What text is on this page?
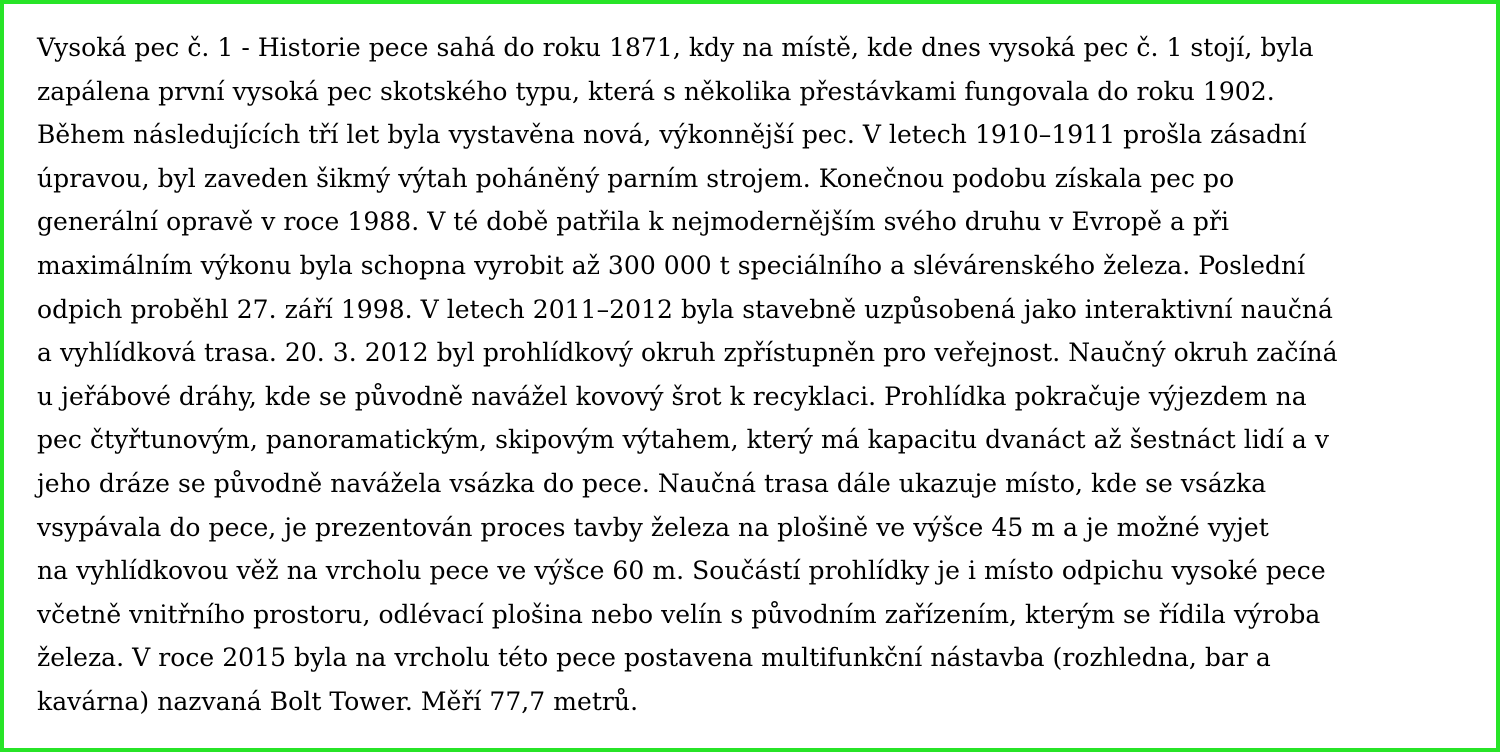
Vysoká pec č. 1 - Historie pece sahá do roku 1871, kdy na místě, kde dnes vysoká pec č. 1 stojí, byla
zapálena první vysoká pec skotského typu, která s několika přestávkami fungovala do roku 1902.
Během následujících tří let byla vystavěna nová, výkonnější pec. V letech 1910–1911 prošla zásadní
úpravou, byl zaveden šikmý výtah poháněný parním strojem. Konečnou podobu získala pec po
generální opravě v roce 1988. V té době patřila k nejmodernějším svého druhu v Evropě a při
maximálním výkonu byla schopna vyrobit až 300 000 t speciálního a slévárenského železa. Poslední
odpich proběhl 27. září 1998. V letech 2011–2012 byla stavebně uzpůsobená jako interaktivní naučná
a vyhlídková trasa. 20. 3. 2012 byl prohlídkový okruh zpřístupněn pro veřejnost. Naučný okruh začíná
u jeřábové dráhy, kde se původně navážel kovový šrot k recyklaci. Prohlídka pokračuje výjezdem na
pec čtyřtunovým, panoramatickým, skipovým výtahem, který má kapacitu dvanáct až šestnáct lidí a v
jeho dráze se původně navážela vsázka do pece. Naučná trasa dále ukazuje místo, kde se vsázka
vsypávala do pece, je prezentován proces tavby železa na plošině ve výšce 45 m a je možné vyjet
na vyhlídkovou věž na vrcholu pece ve výšce 60 m. Součástí prohlídky je i místo odpichu vysoké pece
včetně vnitřního prostoru, odlévací plošina nebo velín s původním zařízením, kterým se řídila výroba
železa. V roce 2015 byla na vrcholu této pece postavena multifunkční nástavba (rozhledna, bar a
kavárna) nazvaná Bolt Tower. Měří 77,7 metrů.
